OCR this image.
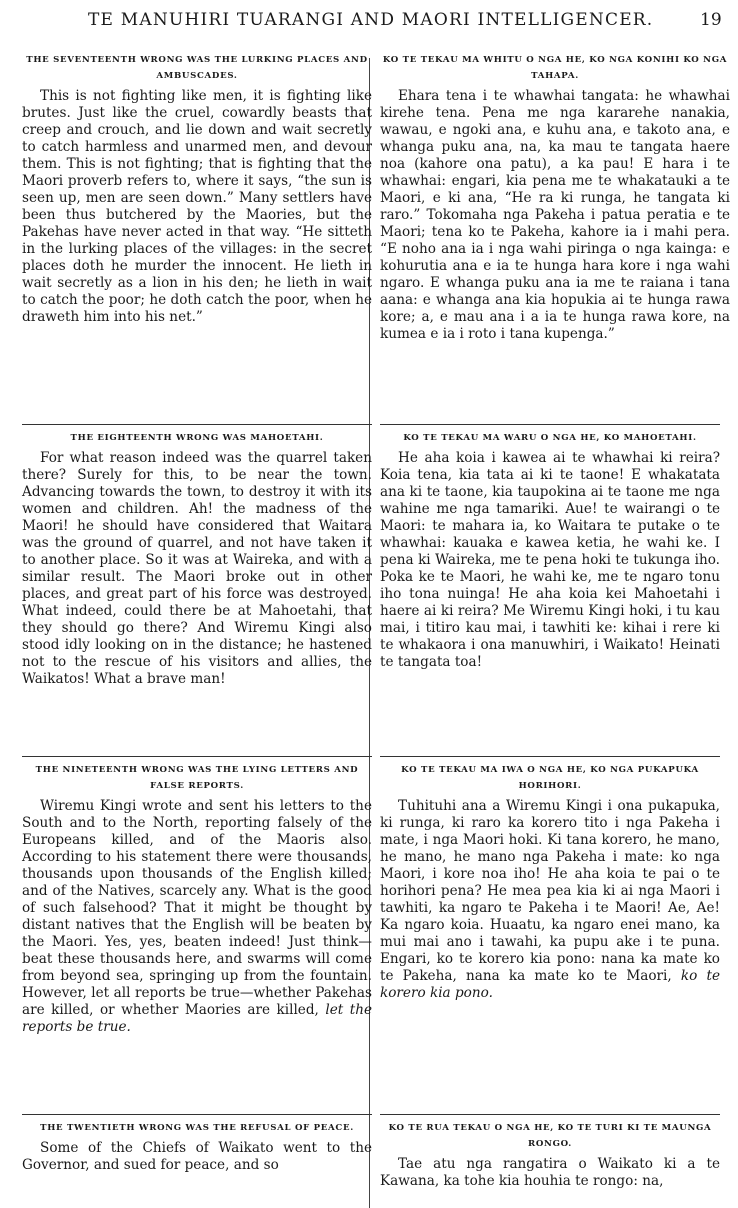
TE MANUHIRI TUARANGI AND MAORI INTELLIGENCER.	19

THE SEVENTEENTH WRONG WAS THE LURKING PLACES AND AMBUSCADES.

This is not fighting like men, it is fighting like brutes. Just like the cruel, cowardly beasts that creep and crouch, and lie down and wait secretly to catch harmless and unarmed men, and devour them. This is not fighting; that is fighting that the Maori proverb refers to, where it says, “the sun is seen up, men are seen down.” Many settlers have been thus butchered by the Maories, but the Pakehas have never acted in that way. “He sitteth in the lurking places of the villages: in the secret places doth he murder the innocent. He lieth in wait secretly as a lion in his den; he lieth in wait to catch the poor; he doth catch the poor, when he draweth him into his net.”

THE EIGHTEENTH WRONG WAS MAHOETAHI.

For what reason indeed was the quarrel taken there? Surely for this, to be near the town. Advancing towards the town, to destroy it with its women and children. Ah! the madness of the Maori! he should have considered that Waitara was the ground of quarrel, and not have taken it to another place. So it was at Waireka, and with a similar result. The Maori broke out in other places, and great part of his force was destroyed. What indeed, could there be at Mahoetahi, that they should go there? And Wiremu Kingi also stood idly looking on in the distance; he hastened not to the rescue of his visitors and allies, the Waikatos! What a brave man!

THE NINETEENTH WRONG WAS THE LYING LETTERS AND FALSE REPORTS.

Wiremu Kingi wrote and sent his letters to the South and to the North, reporting falsely of the Europeans killed, and of the Maoris also. According to his statement there were thousands, thousands upon thousands of the English killed; and of the Natives, scarcely any. What is the good of such falsehood? That it might be thought by distant natives that the English will be beaten by the Maori. Yes, yes, beaten indeed! Just think—beat these thousands here, and swarms will come from beyond sea, springing up from the fountain. However, let all reports be true—whether Pakehas are killed, or whether Maories are killed, let the reports be true.

THE TWENTIETH WRONG WAS THE REFUSAL OF PEACE.

Some of the Chiefs of Waikato went to the Governor, and sued for peace, and so

KO TE TEKAU MA WHITU O NGA HE, KO NGA KONIHI KO NGA TAHAPA.

Ehara tena i te whawhai tangata: he whawhai kirehe tena. Pena me nga kararehe nanakia, wawau, e ngoki ana, e kuhu ana, e takoto ana, e whanga puku ana, na, ka mau te tangata haere noa (kahore ona patu), a ka pau! E hara i te whawhai: engari, kia pena me te whakatauki a te Maori, e ki ana, “He ra ki runga, he tangata ki raro.” Tokomaha nga Pakeha i patua peratia e te Maori; tena ko te Pakeha, kahore ia i mahi pera. “E noho ana ia i nga wahi piringa o nga kainga: e kohurutia ana e ia te hunga hara kore i nga wahi ngaro. E whanga puku ana ia me te raiana i tana aana: e whanga ana kia hopukia ai te hunga rawa kore; a, e mau ana i a ia te hunga rawa kore, na kumea e ia i roto i tana kupenga.”

KO TE TEKAU MA WARU O NGA HE, KO MAHOETAHI.

He aha koia i kawea ai te whawhai ki reira? Koia tena, kia tata ai ki te taone! E whakatata ana ki te taone, kia taupokina ai te taone me nga wahine me nga tamariki. Aue! te wairangi o te Maori: te mahara ia, ko Waitara te putake o te whawhai: kauaka e kawea ketia, he wahi ke. I pena ki Waireka, me te pena hoki te tukunga iho. Poka ke te Maori, he wahi ke, me te ngaro tonu iho tona nuinga! He aha koia kei Mahoetahi i haere ai ki reira? Me Wiremu Kingi hoki, i tu kau mai, i titiro kau mai, i tawhiti ke: kihai i rere ki te whakaora i ona manuwhiri, i Waikato! Heinati te tangata toa!

KO TE TEKAU MA IWA O NGA HE, KO NGA PUKAPUKA HORIHORI.

Tuhituhi ana a Wiremu Kingi i ona pukapuka, ki runga, ki raro ka korero tito i nga Pakeha i mate, i nga Maori hoki. Ki tana korero, he mano, he mano, he mano nga Pakeha i mate: ko nga Maori, i kore noa iho! He aha koia te pai o te horihori pena? He mea pea kia ki ai nga Maori i tawhiti, ka ngaro te Pakeha i te Maori! Ae, Ae! Ka ngaro koia. Huaatu, ka ngaro enei mano, ka mui mai ano i tawahi, ka pupu ake i te puna. Engari, ko te korero kia pono: nana ka mate ko te Pakeha, nana ka mate ko te Maori, ko te korero kia pono.

KO TE RUA TEKAU O NGA HE, KO TE TURI KI TE MAUNGA RONGO.

Tae atu nga rangatira o Waikato ki a te Kawana, ka tohe kia houhia te rongo: na,
